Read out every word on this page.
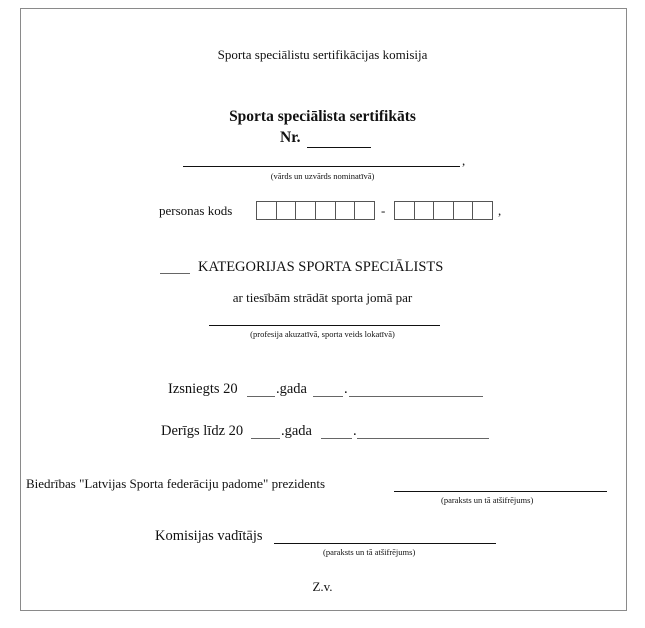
Sporta speciālistu sertifikācijas komisija
Sporta speciālista sertifikāts
Nr.
,
(vārds un uzvārds nominatīvā)
personas kods	-	,
KATEGORIJAS SPORTA SPECIĀLISTS
ar tiesībām strādāt sporta jomā par
(profesija akuzatīvā, sporta veids lokatīvā)
Izsniegts 20	.gada	.
Derīgs līdz 20	.gada	.
Biedrības "Latvijas Sporta federāciju padome" prezidents
(paraksts un tā atšifrējums)
Komisijas vadītājs
(paraksts un tā atšifrējums)
Z.v.
